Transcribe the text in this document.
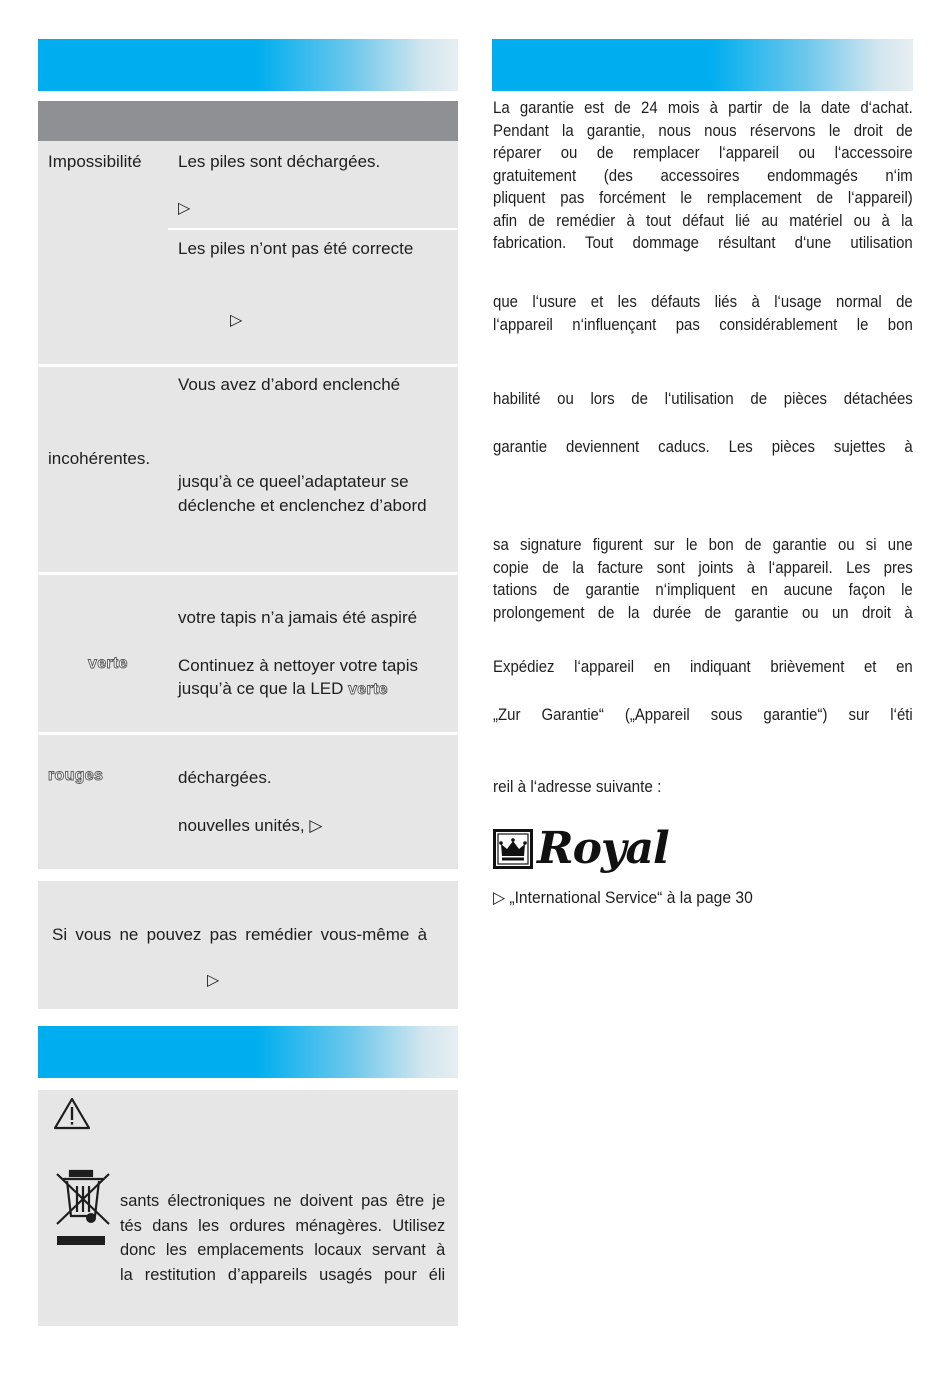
Impossibilité Les piles sont déchargées.
▷
Les piles n’ont pas été correcte
▷
incohérentes.
Vous avez d’abord enclenché
jusqu’à ce queel’adaptateur se
déclenche et enclenchez d’abord
verte
votre tapis n’a jamais été aspiré
Continuez à nettoyer votre tapis
jusqu’à ce que la LED verte
rouges	déchargées.
nouvelles unités, ▷
Si vous ne pouvez pas remédier vous-même à
▷
sants électroniques ne doivent pas être je
tés dans les ordures ménagères. Utilisez
donc les emplacements locaux servant à
la restitution d’appareils usagés pour éli
La garantie est de 24 mois à partir de la date d‘achat.
Pendant la garantie, nous nous réservons le droit de
réparer ou de remplacer l‘appareil ou l‘accessoire
gratuitement (des accessoires endommagés n‘im
pliquent pas forcément le remplacement de l‘appareil)
afin de remédier à tout défaut lié au matériel ou à la
fabrication. Tout dommage résultant d‘une utilisation
que l‘usure et les défauts liés à l‘usage normal de
l‘appareil n‘influençant pas considérablement le bon
habilité ou lors de l‘utilisation de pièces détachées
garantie deviennent caducs. Les pièces sujettes à
sa signature figurent sur le bon de garantie ou si une
copie de la facture sont joints à l‘appareil. Les pres
tations de garantie n‘impliquent en aucune façon le
prolongement de la durée de garantie ou un droit à
Expédiez l‘appareil en indiquant brièvement et en
„Zur Garantie“ („Appareil sous garantie“) sur l‘éti
reil à l‘adresse suivante :
Royal
▷ „International Service“ à la page 30
